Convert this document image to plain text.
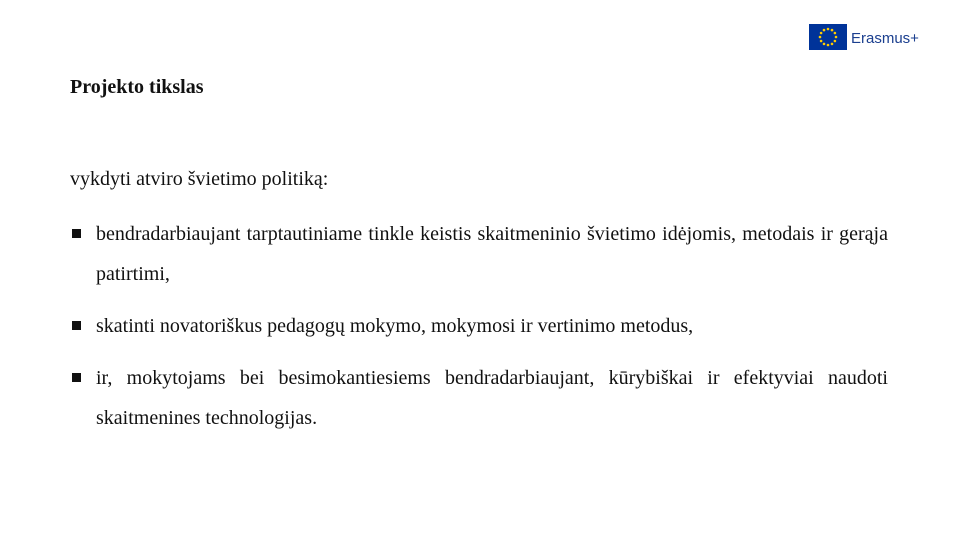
Erasmus+
Projekto tikslas
vykdyti atviro švietimo politiką:
bendradarbiaujant tarptautiniame tinkle keistis skaitmeninio švietimo idėjomis, metodais ir gerąja patirtimi,
skatinti novatoriškus pedagogų mokymo, mokymosi ir vertinimo metodus,
ir, mokytojams bei besimokantiesiems bendradarbiaujant, kūrybiškai ir efektyviai naudoti skaitmenines technologijas.
